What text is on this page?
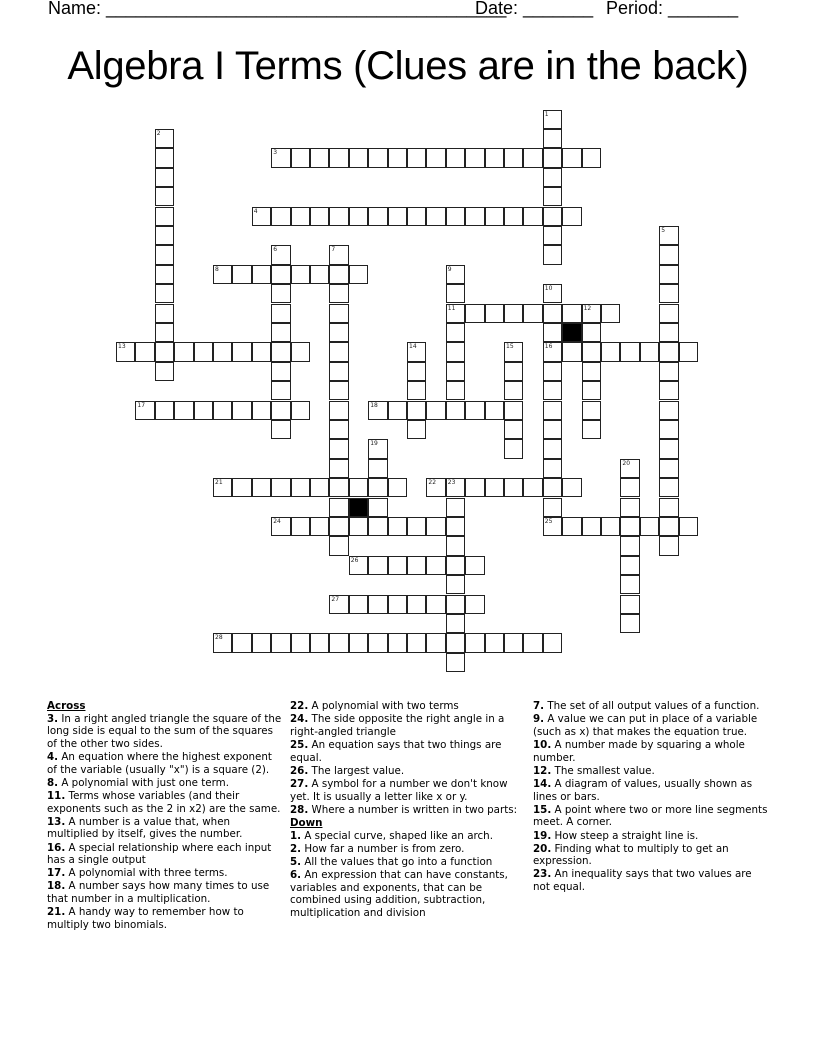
Name: ________________________________________
Date: _______ Period: _______
Algebra I Terms (Clues are in the back)
1
2
3
4
5
6	7
8	9
11
10
16
25
12
13	14	15
17	18
19
20
21	22 23
24
26
27
28
Across
3. In a right angled triangle the square of the long side is equal to the sum of the squares of the other two sides.
4. An equation where the highest exponent of the variable (usually "x") is a square (2).
8. A polynomial with just one term.
11. Terms whose variables (and their exponents such as the 2 in x2) are the same.
13. A number is a value that, when multiplied by itself, gives the number.
16. A special relationship where each input has a single output
17. A polynomial with three terms.
18. A number says how many times to use that number in a multiplication.
21. A handy way to remember how to multiply two binomials.
22. A polynomial with two terms
24. The side opposite the right angle in a right-angled triangle
25. An equation says that two things are equal.
26. The largest value.
27. A symbol for a number we don't know yet. It is usually a letter like x or y.
28. Where a number is written in two parts:
Down
1. A special curve, shaped like an arch.
2. How far a number is from zero.
5. All the values that go into a function
6. An expression that can have constants, variables and exponents, that can be combined using addition, subtraction, multiplication and division
7. The set of all output values of a function.
9. A value we can put in place of a variable (such as x) that makes the equation true.
10. A number made by squaring a whole number.
12. The smallest value.
14. A diagram of values, usually shown as lines or bars.
15. A point where two or more line segments meet. A corner.
19. How steep a straight line is.
20. Finding what to multiply to get an expression.
23. An inequality says that two values are not equal.
